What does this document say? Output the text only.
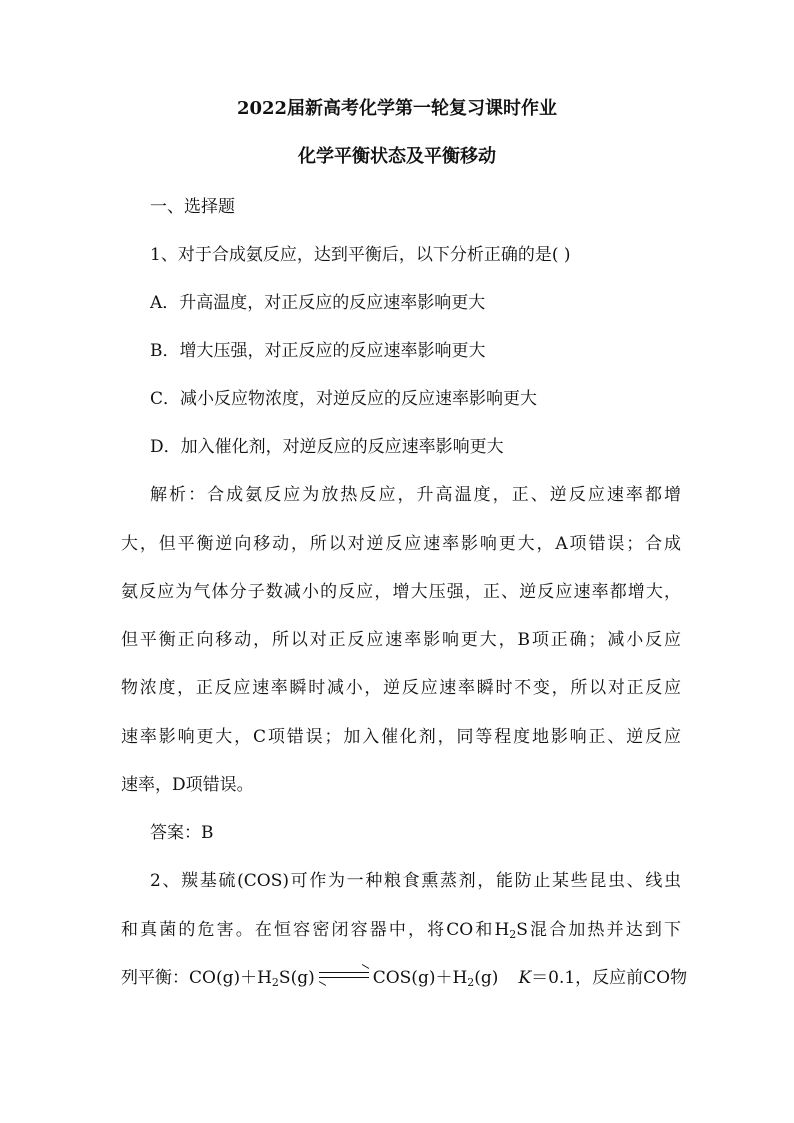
2022届新高考化学第一轮复习课时作业
化学平衡状态及平衡移动
一、选择题
1、对于合成氨反应，达到平衡后，以下分析正确的是( )
A．升高温度，对正反应的反应速率影响更大
B．增大压强，对正反应的反应速率影响更大
C．减小反应物浓度，对逆反应的反应速率影响更大
D．加入催化剂，对逆反应的反应速率影响更大
解析：合成氨反应为放热反应，升高温度，正、逆反应速率都增
大，但平衡逆向移动，所以对逆反应速率影响更大，A项错误；合成
氨反应为气体分子数减小的反应，增大压强，正、逆反应速率都增大，
但平衡正向移动，所以对正反应速率影响更大，B项正确；减小反应
物浓度，正反应速率瞬时减小，逆反应速率瞬时不变，所以对正反应
速率影响更大，C项错误；加入催化剂，同等程度地影响正、逆反应
速率，D项错误。
答案：B
2、羰基硫(COS)可作为一种粮食熏蒸剂，能防止某些昆虫、线虫
和真菌的危害。在恒容密闭容器中，将CO和$H_2S$混合加热并达到下
列平衡：$CO(g)+H_2S(g)$ ⇌ $COS(g)+H_2(g)$ K＝0.1，反应前CO物
